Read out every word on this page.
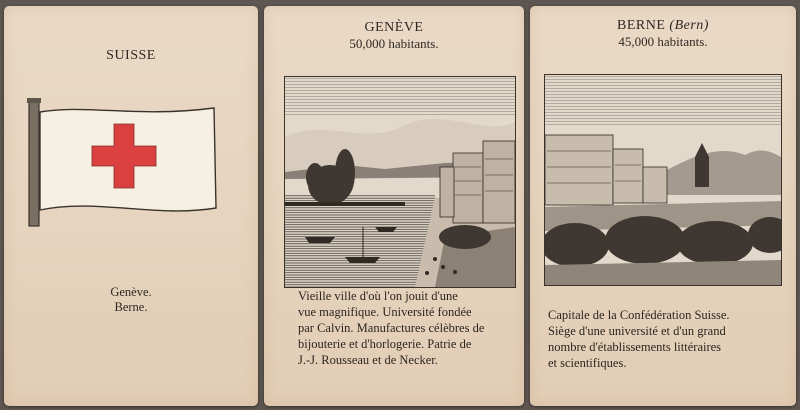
SUISSE
Genève.
Berne.
GENÈVE
50,000 habitants.
Vieille ville d'où l'on jouit d'une
vue magnifique. Université fondée
par Calvin. Manufactures célèbres de
bijouterie et d'horlogerie. Patrie de
J.-J. Rousseau et de Necker.
BERNE (Bern)
45,000 habitants.
Capitale de la Confédération Suisse.
Siège d'une université et d'un grand
nombre d'établissements littéraires
et scientifiques.
